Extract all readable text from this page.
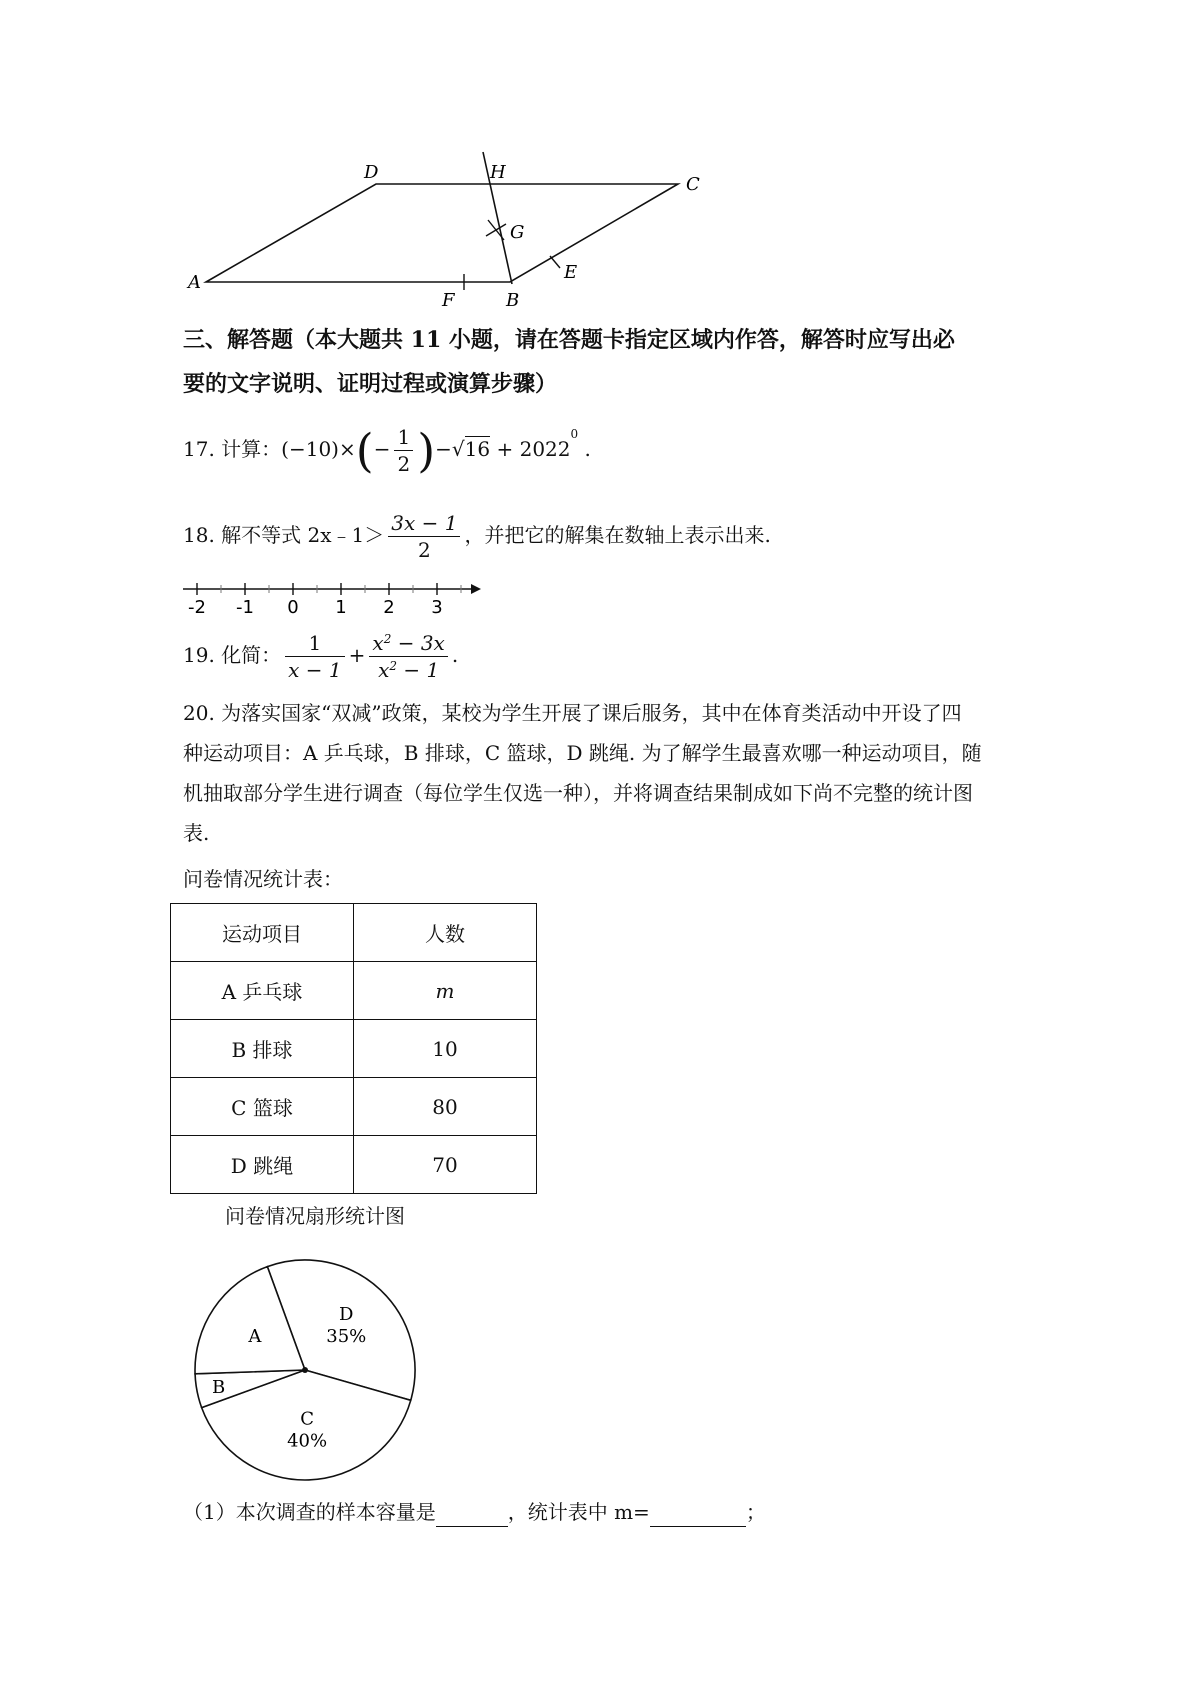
D	H
C
G
E
A
F	B
三、解答题（本大题共 11 小题，请在答题卡指定区域内作答，解答时应写出必
要的文字说明、证明过程或演算步骤）
17. 计算：$(-10)\times(- \frac{1}{2} )-√16 + 2022^0$ .
18. 解不等式 2x﹣1＞ $\frac{3x - 1}{2}$ ，并把它的解集在数轴上表示出来.
-2 -1 0 1 2 3
19. 化简： $\frac{1}{x - 1} + \frac{x^2 - 3x}{x^2 - 1}$ .
20. 为落实国家“双减”政策，某校为学生开展了课后服务，其中在体育类活动中开设了四
种运动项目：A 乒乓球，B 排球，C 篮球，D 跳绳. 为了解学生最喜欢哪一种运动项目，随
机抽取部分学生进行调查（每位学生仅选一种），并将调查结果制成如下尚不完整的统计图
表.
问卷情况统计表：
运动项目	人数
A 乒乓球	m
B 排球	10
C 篮球	80
D 跳绳	70
问卷情况扇形统计图
D
35%
C
40%
B
A
（1）本次调查的样本容量是	，统计表中 m=	；
